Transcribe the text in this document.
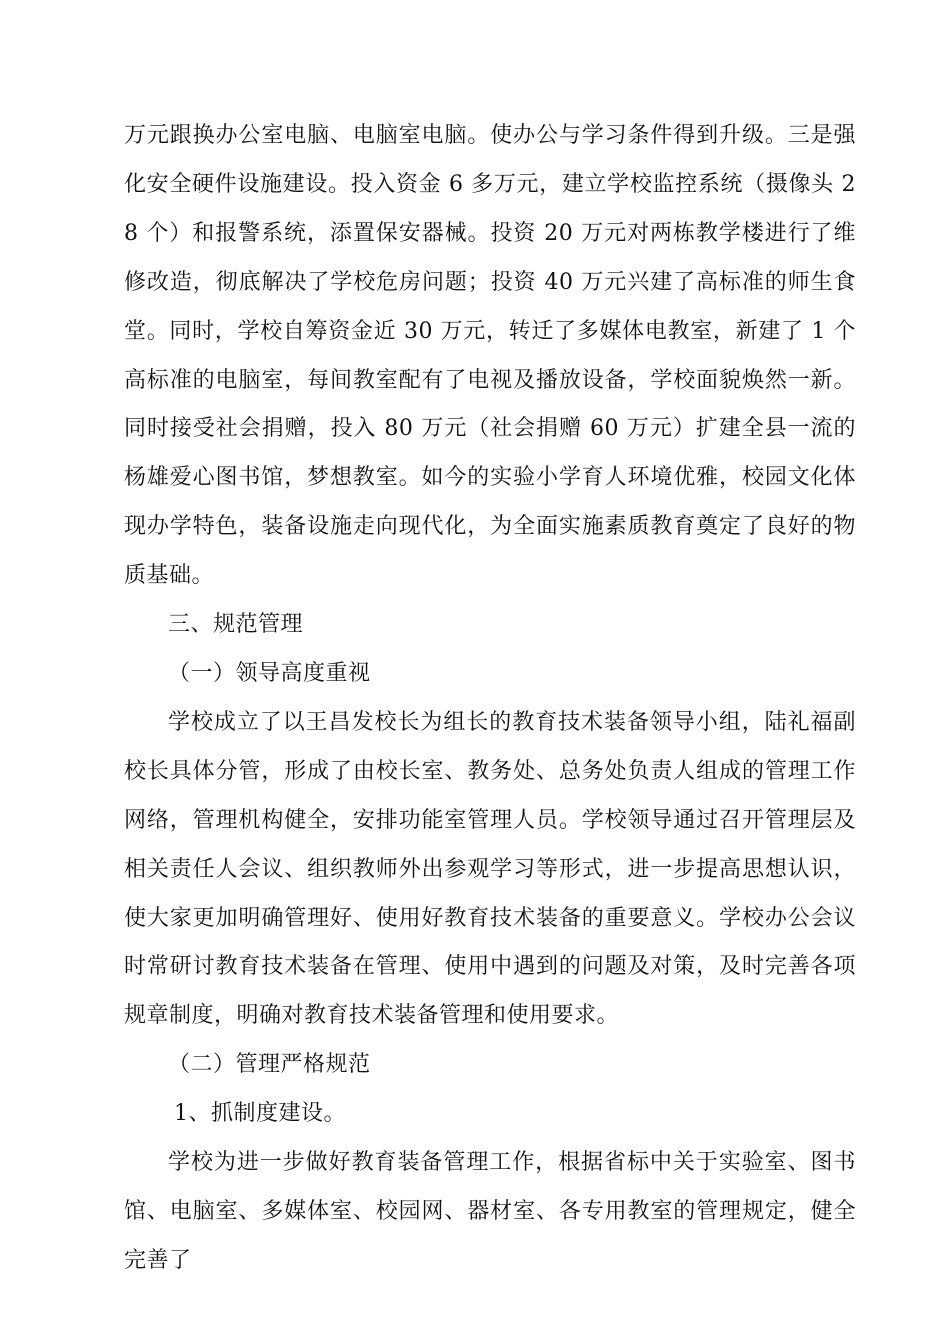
万元跟换办公室电脑、电脑室电脑。使办公与学习条件得到升级。三是强化安全硬件设施建设。投入资金 6 多万元，建立学校监控系统（摄像头 28 个）和报警系统，添置保安器械。投资 20 万元对两栋教学楼进行了维修改造，彻底解决了学校危房问题；投资 40 万元兴建了高标准的师生食堂。同时，学校自筹资金近 30 万元，转迁了多媒体电教室，新建了 1 个高标准的电脑室，每间教室配有了电视及播放设备，学校面貌焕然一新。同时接受社会捐赠，投入 80 万元（社会捐赠 60 万元）扩建全县一流的杨雄爱心图书馆，梦想教室。如今的实验小学育人环境优雅，校园文化体现办学特色，装备设施走向现代化，为全面实施素质教育奠定了良好的物质基础。

三、规范管理

（一）领导高度重视

学校成立了以王昌发校长为组长的教育技术装备领导小组，陆礼福副校长具体分管，形成了由校长室、教务处、总务处负责人组成的管理工作网络，管理机构健全，安排功能室管理人员。学校领导通过召开管理层及相关责任人会议、组织教师外出参观学习等形式，进一步提高思想认识，使大家更加明确管理好、使用好教育技术装备的重要意义。学校办公会议时常研讨教育技术装备在管理、使用中遇到的问题及对策，及时完善各项规章制度，明确对教育技术装备管理和使用要求。

（二）管理严格规范

1、抓制度建设。

学校为进一步做好教育装备管理工作，根据省标中关于实验室、图书馆、电脑室、多媒体室、校园网、器材室、各专用教室的管理规定，健全完善了
